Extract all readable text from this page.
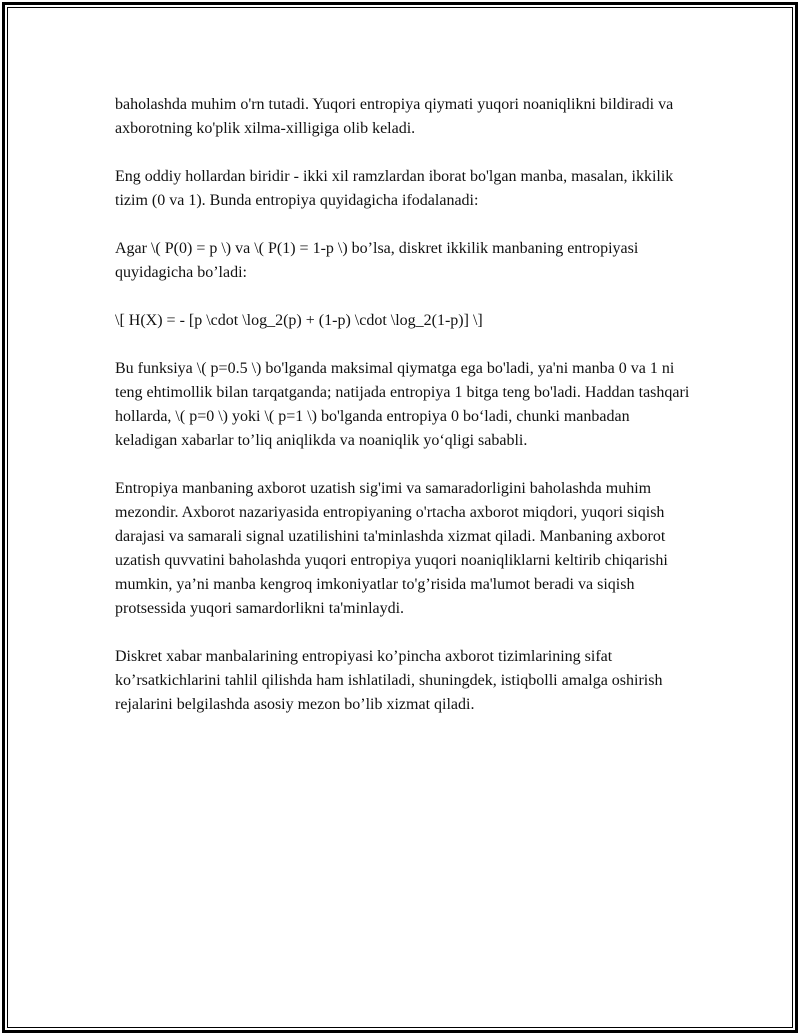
baholashda muhim o'rn tutadi. Yuqori entropiya qiymati yuqori noaniqlikni bildiradi va axborotning ko'plik xilma-xilligiga olib keladi.

Eng oddiy hollardan biridir - ikki xil ramzlardan iborat bo'lgan manba, masalan, ikkilik tizim (0 va 1). Bunda entropiya quyidagicha ifodalanadi:

Agar \( P(0) = p \) va \( P(1) = 1-p \) bo’lsa, diskret ikkilik manbaning entropiyasi quyidagicha bo’ladi:

\[ H(X) = - [p \cdot \log_2(p) + (1-p) \cdot \log_2(1-p)] \]

Bu funksiya \( p=0.5 \) bo'lganda maksimal qiymatga ega bo'ladi, ya'ni manba 0 va 1 ni teng ehtimollik bilan tarqatganda; natijada entropiya 1 bitga teng bo'ladi. Haddan tashqari hollarda, \( p=0 \) yoki \( p=1 \) bo'lganda entropiya 0 bo‘ladi, chunki manbadan keladigan xabarlar to’liq aniqlikda va noaniqlik yo‘qligi sababli.

Entropiya manbaning axborot uzatish sig'imi va samaradorligini baholashda muhim mezondir. Axborot nazariyasida entropiyaning o'rtacha axborot miqdori, yuqori siqish darajasi va samarali signal uzatilishini ta'minlashda xizmat qiladi. Manbaning axborot uzatish quvvatini baholashda yuqori entropiya yuqori noaniqliklarni keltirib chiqarishi mumkin, ya’ni manba kengroq imkoniyatlar to'g’risida ma'lumot beradi va siqish protsessida yuqori samardorlikni ta'minlaydi.

Diskret xabar manbalarining entropiyasi ko’pincha axborot tizimlarining sifat ko’rsatkichlarini tahlil qilishda ham ishlatiladi, shuningdek, istiqbolli amalga oshirish rejalarini belgilashda asosiy mezon bo’lib xizmat qiladi.
